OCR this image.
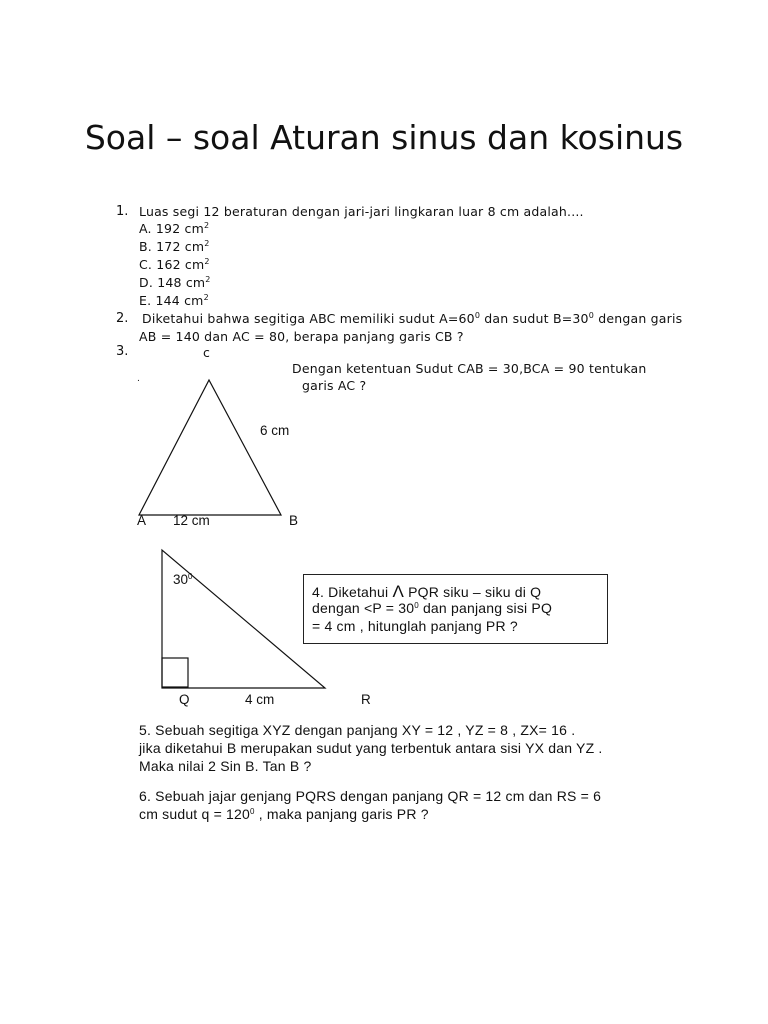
Soal – soal Aturan sinus dan kosinus
1. Luas segi 12 beraturan dengan jari-jari lingkaran luar 8 cm adalah....
A. 192 $cm^2$
B. 172 $cm^2$
C. 162 $cm^2$
D. 148 $cm^2$
E. 144 $cm^2$
2. Diketahui bahwa segitiga ABC memiliki sudut $A=60^0$ dan sudut $B=30^0$ dengan garis
AB = 140 dan AC = 80, berapa panjang garis CB ?
3.	c
.
Dengan ketentuan Sudut CAB = 30,BCA = 90 tentukan
garis AC ?
6 cm
A 12 cm	B
$30^0$
4. Diketahui Λ PQR siku – siku di Q
dengan $<P = 30^0$ dan panjang sisi PQ
= 4 cm , hitunglah panjang PR ?
Q	4 cm	R
5. Sebuah segitiga XYZ dengan panjang XY = 12 , YZ = 8 , ZX= 16 .
jika diketahui B merupakan sudut yang terbentuk antara sisi YX dan YZ .
Maka nilai 2 Sin B. Tan B ?
6. Sebuah jajar genjang PQRS dengan panjang QR = 12 cm dan RS = 6
cm sudut $q = 120^0$ , maka panjang garis PR ?
